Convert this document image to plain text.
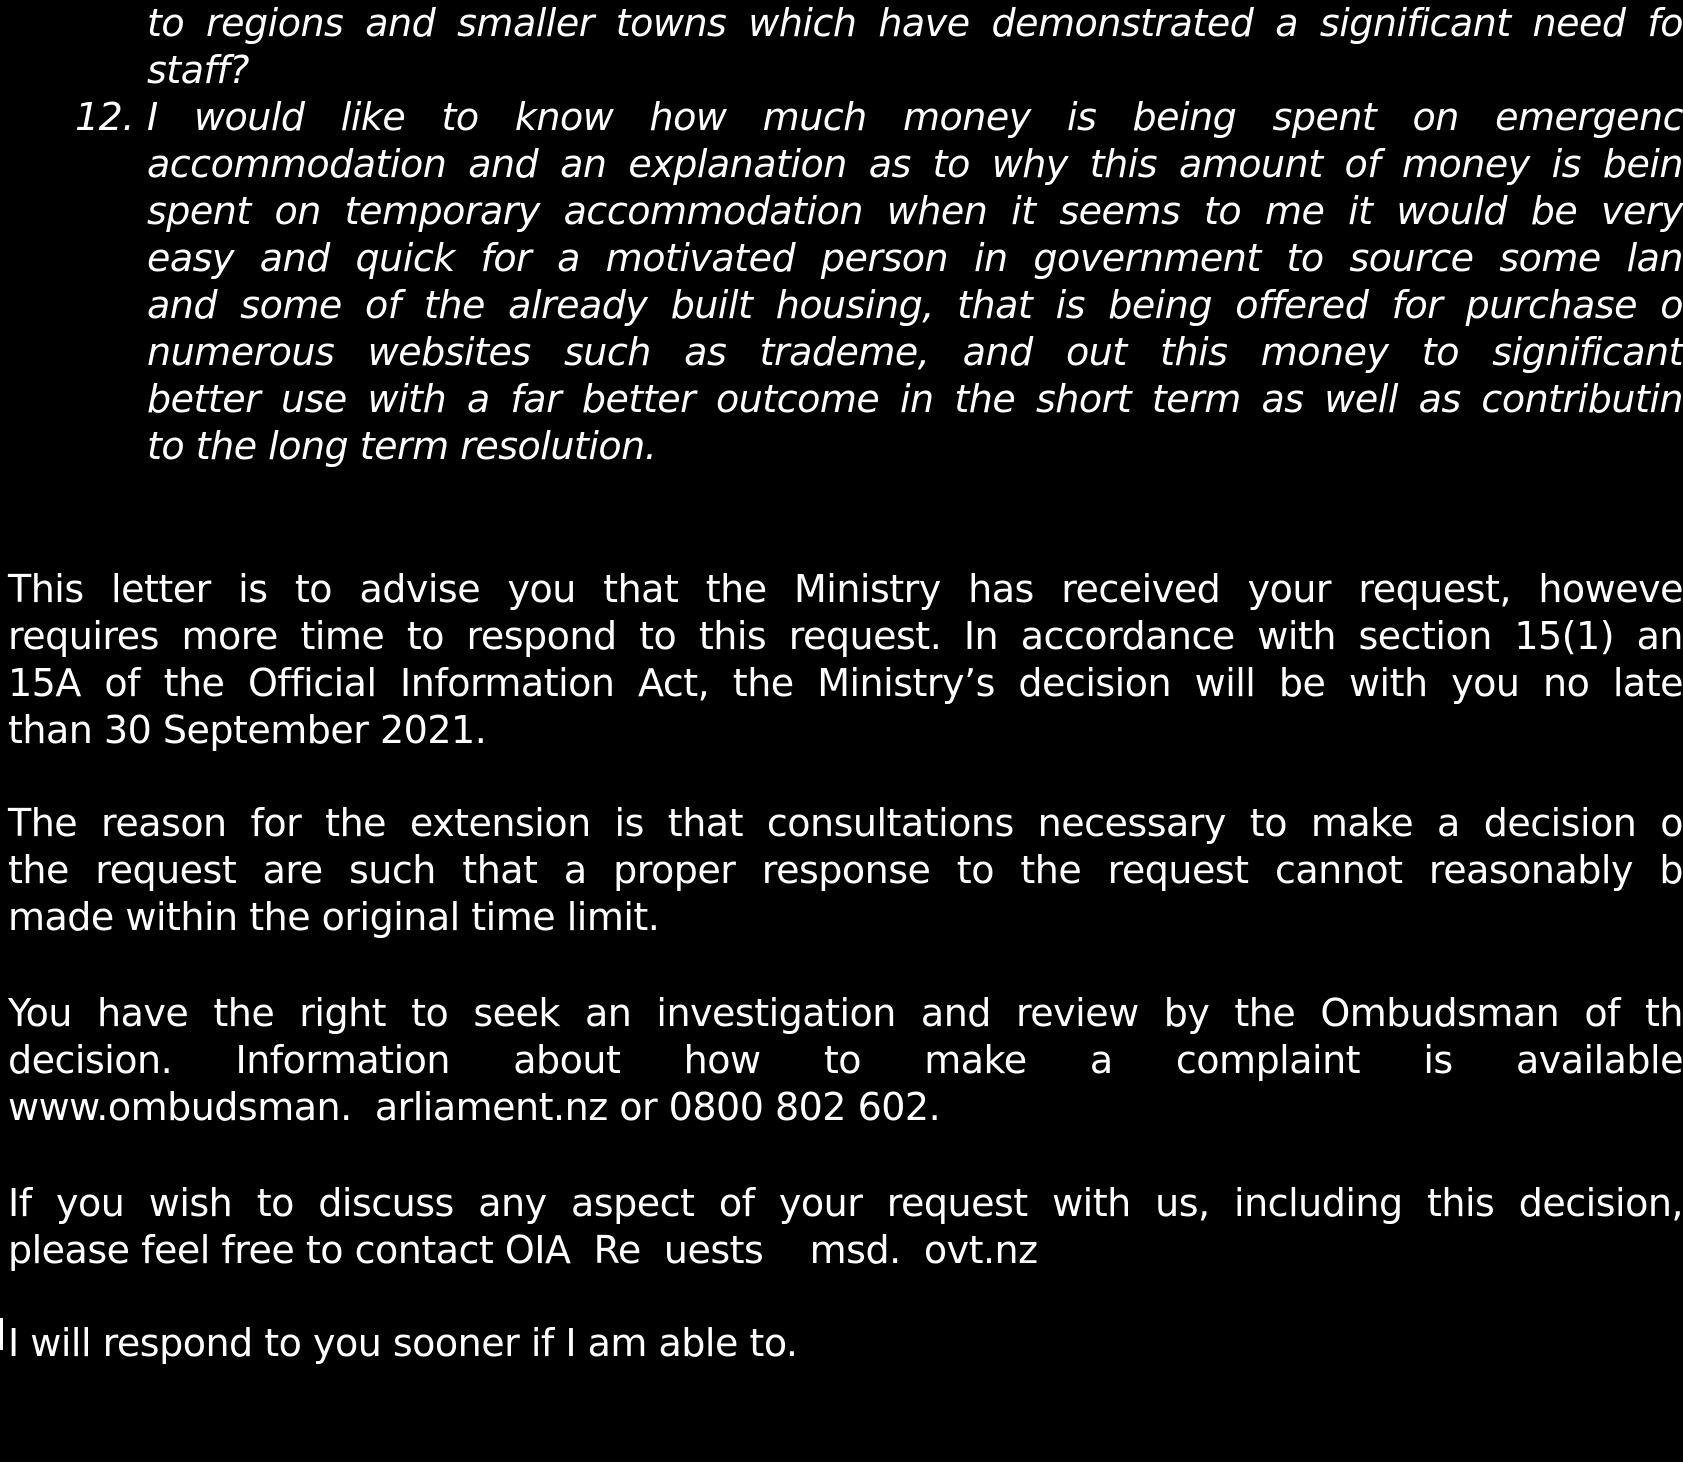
to regions and smaller towns which have demonstrated a significant need fo
staff?
12. I would like to know how much money is being spent on emergenc
accommodation and an explanation as to why this amount of money is bein
spent on temporary accommodation when it seems to me it would be very
easy and quick for a motivated person in government to source some lan
and some of the already built housing, that is being offered for purchase o
numerous websites such as trademe, and out this money to significant
better use with a far better outcome in the short term as well as contributin
to the long term resolution.
This letter is to advise you that the Ministry has received your request, howeve
requires more time to respond to this request. In accordance with section 15(1) an
15A of the Official Information Act, the Ministry’s decision will be with you no late
than 30 September 2021.
The reason for the extension is that consultations necessary to make a decision o
the request are such that a proper response to the request cannot reasonably b
made within the original time limit.
You have the right to seek an investigation and review by the Ombudsman of th
decision. Information about how to make a complaint is available
www.ombudsman.  arliament.nz or 0800 802 602.
If you wish to discuss any aspect of your request with us, including this decision,
please feel free to contact OIA  Re  uests    msd.  ovt.nz
I will respond to you sooner if I am able to.
